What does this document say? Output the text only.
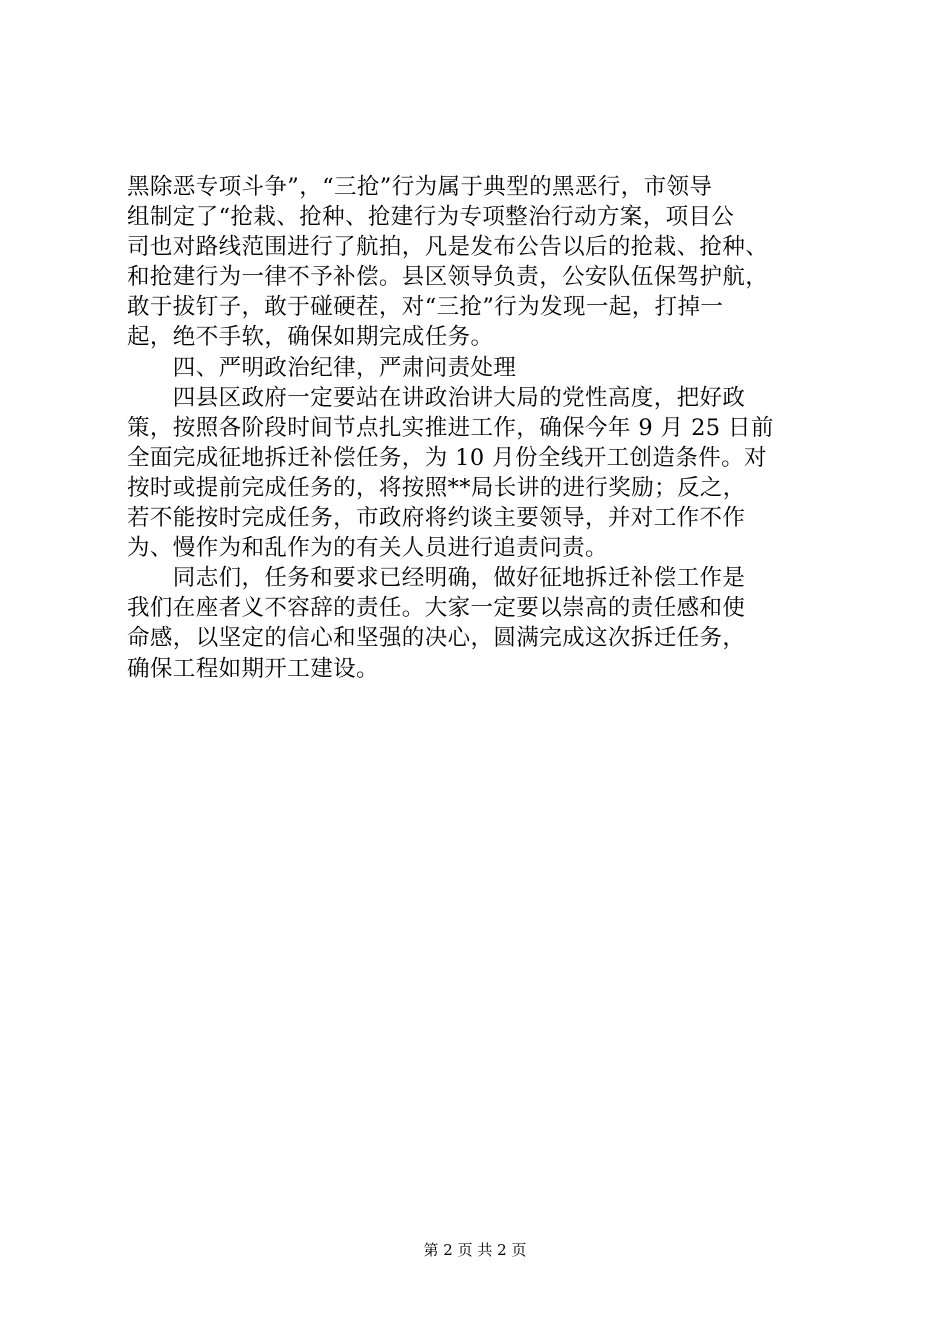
黑除恶专项斗争”，“三抢”行为属于典型的黑恶行，市领导
组制定了“抢栽、抢种、抢建行为专项整治行动方案，项目公
司也对路线范围进行了航拍，凡是发布公告以后的抢栽、抢种、
和抢建行为一律不予补偿。县区领导负责，公安队伍保驾护航，
敢于拔钉子，敢于碰硬茬，对“三抢”行为发现一起，打掉一
起，绝不手软，确保如期完成任务。
　　四、严明政治纪律，严肃问责处理
　　四县区政府一定要站在讲政治讲大局的党性高度，把好政
策，按照各阶段时间节点扎实推进工作，确保今年 9 月 25 日前
全面完成征地拆迁补偿任务，为 10 月份全线开工创造条件。对
按时或提前完成任务的，将按照**局长讲的进行奖励；反之，
若不能按时完成任务，市政府将约谈主要领导，并对工作不作
为、慢作为和乱作为的有关人员进行追责问责。
　　同志们，任务和要求已经明确，做好征地拆迁补偿工作是
我们在座者义不容辞的责任。大家一定要以崇高的责任感和使
命感，以坚定的信心和坚强的决心，圆满完成这次拆迁任务，
确保工程如期开工建设。
第 2 页 共 2 页
